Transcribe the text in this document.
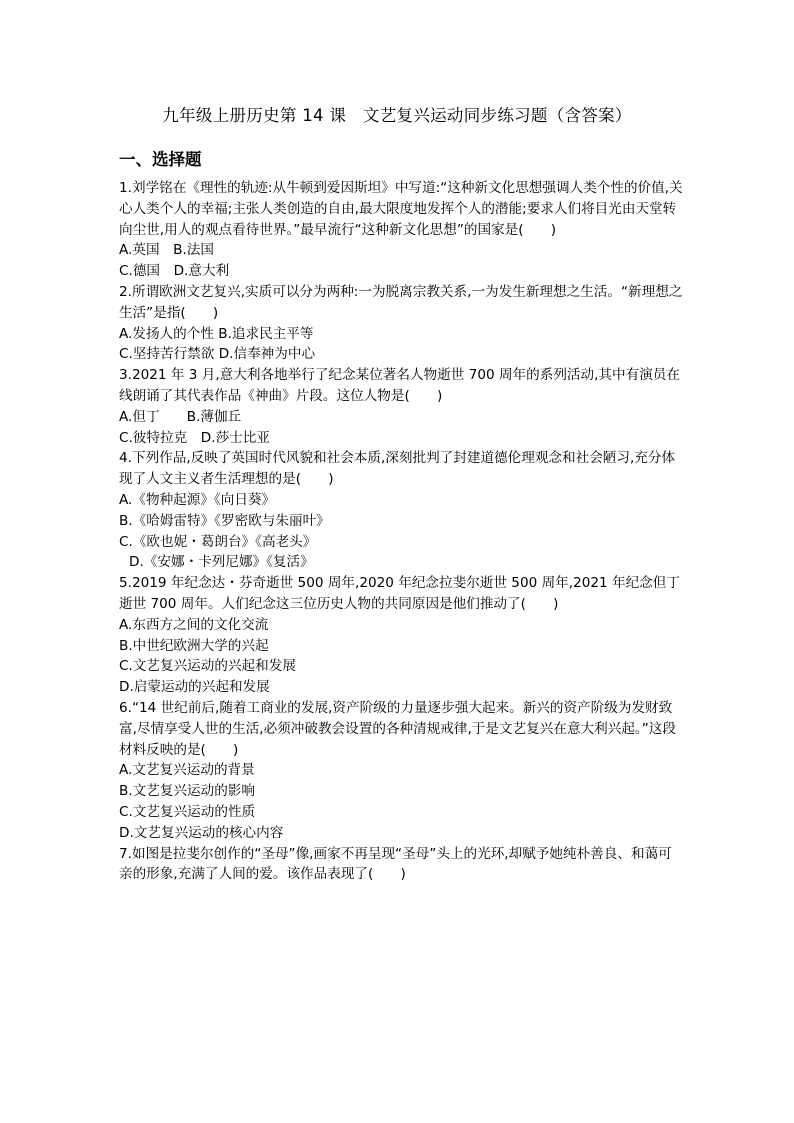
九年级上册历史第 14 课　文艺复兴运动同步练习题（含答案）
一、选择题

1.刘学铭在《理性的轨迹:从牛顿到爱因斯坦》中写道:“这种新文化思想强调人类个性的价值,关心人类个人的幸福;主张人类创造的自由,最大限度地发挥个人的潜能;要求人们将目光由天堂转向尘世,用人的观点看待世界。”最早流行“这种新文化思想”的国家是(　　)

A.英国　B.法国

C.德国　D.意大利

2.所谓欧洲文艺复兴,实质可以分为两种:一为脱离宗教关系,一为发生新理想之生活。“新理想之生活”是指(　　)

A.发扬人的个性 B.追求民主平等

C.坚持苦行禁欲 D.信奉神为中心

3.2021 年 3 月,意大利各地举行了纪念某位著名人物逝世 700 周年的系列活动,其中有演员在线朗诵了其代表作品《神曲》片段。这位人物是(　　)

A.但丁　　B.薄伽丘

C.彼特拉克　D.莎士比亚

4.下列作品,反映了英国时代风貌和社会本质,深刻批判了封建道德伦理观念和社会陋习,充分体现了人文主义者生活理想的是(　　)

A.《物种起源》《向日葵》

B.《哈姆雷特》《罗密欧与朱丽叶》

C.《欧也妮・葛朗台》《高老头》

D.《安娜・卡列尼娜》《复活》

5.2019 年纪念达・芬奇逝世 500 周年,2020 年纪念拉斐尔逝世 500 周年,2021 年纪念但丁逝世 700 周年。人们纪念这三位历史人物的共同原因是他们推动了(　　)

A.东西方之间的文化交流

B.中世纪欧洲大学的兴起

C.文艺复兴运动的兴起和发展

D.启蒙运动的兴起和发展

6.“14 世纪前后,随着工商业的发展,资产阶级的力量逐步强大起来。新兴的资产阶级为发财致

富,尽情享受人世的生活,必须冲破教会设置的各种清规戒律,于是文艺复兴在意大利兴起。”这段材料反映的是(　　)

A.文艺复兴运动的背景

B.文艺复兴运动的影响

C.文艺复兴运动的性质

D.文艺复兴运动的核心内容

7.如图是拉斐尔创作的“圣母”像,画家不再呈现“圣母”头上的光环,却赋予她纯朴善良、和蔼可亲的形象,充满了人间的爱。该作品表现了(　　)
